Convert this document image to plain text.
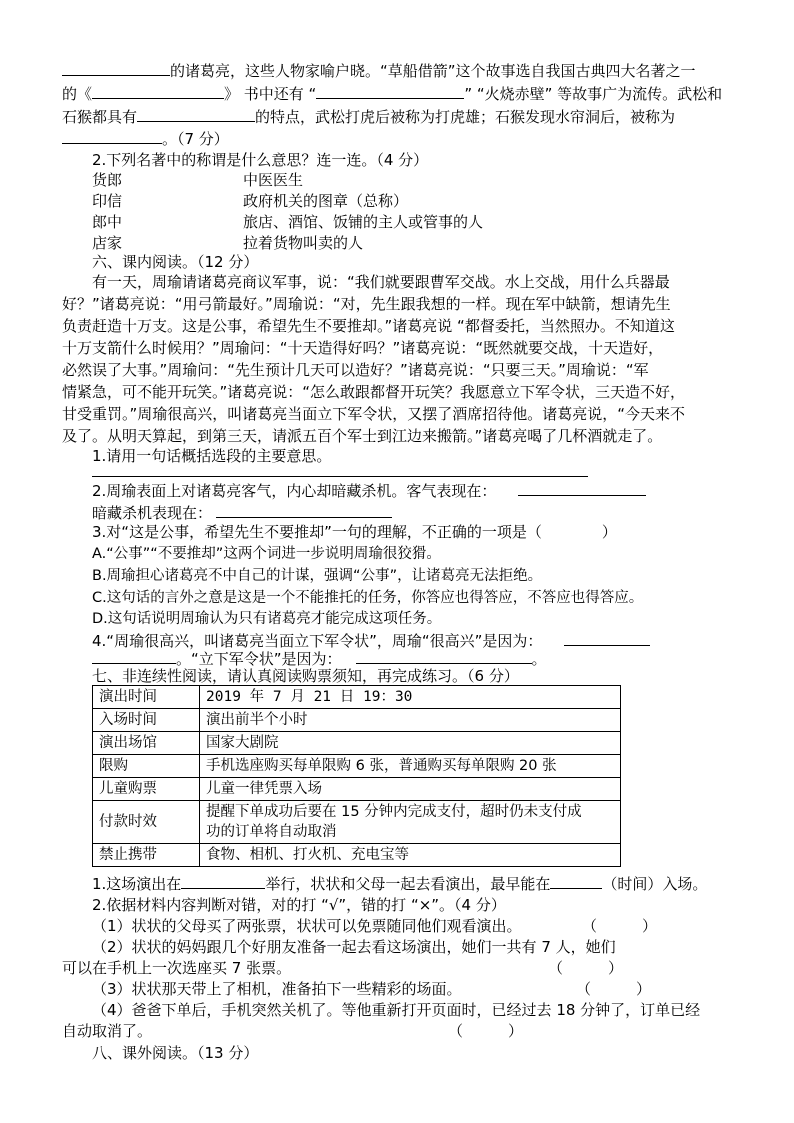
的诸葛亮，这些人物家喻户晓。“草船借箭”这个故事选自我国古典四大名著之一
的《	》 书中还有 “	” “火烧赤壁” 等故事广为流传。武松和
石猴都具有	的特点，武松打虎后被称为打虎雄；石猴发现水帘洞后，被称为
。（7 分）
2.下列名著中的称谓是什么意思？连一连。（4 分）
货郎	中医医生
印信	政府机关的图章（总称）
郎中	旅店、酒馆、饭铺的主人或管事的人
店家	拉着货物叫卖的人
六、课内阅读。（12 分）
有一天，周瑜请诸葛亮商议军事，说：“我们就要跟曹军交战。水上交战，用什么兵器最
好？”诸葛亮说：“用弓箭最好。”周瑜说：“对，先生跟我想的一样。现在军中缺箭，想请先生
负责赶造十万支。这是公事，希望先生不要推却。”诸葛亮说 “都督委托，当然照办。不知道这
十万支箭什么时候用？”周瑜问：“十天造得好吗？”诸葛亮说：“既然就要交战，十天造好，
必然误了大事。”周瑜问：“先生预计几天可以造好？”诸葛亮说：“只要三天。”周瑜说：“军
情紧急，可不能开玩笑。”诸葛亮说：“怎么敢跟都督开玩笑？我愿意立下军令状，三天造不好，
甘受重罚。”周瑜很高兴，叫诸葛亮当面立下军令状，又摆了酒席招待他。诸葛亮说，“今天来不
及了。从明天算起，到第三天，请派五百个军士到江边来搬箭。”诸葛亮喝了几杯酒就走了。
1.请用一句话概括选段的主要意思。
2.周瑜表面上对诸葛亮客气，内心却暗藏杀机。客气表现在：
暗藏杀机表现在：
3.对“这是公事，希望先生不要推却”一句的理解，不正确的一项是（　　　　）
A.“公事”“不要推却”这两个词进一步说明周瑜很狡猾。
B.周瑜担心诸葛亮不中自己的计谋，强调“公事”，让诸葛亮无法拒绝。
C.这句话的言外之意是这是一个不能推托的任务，你答应也得答应，不答应也得答应。
D.这句话说明周瑜认为只有诸葛亮才能完成这项任务。
4.“周瑜很高兴，叫诸葛亮当面立下军令状”，周瑜“很高兴”是因为：
。“立下军令状”是因为：	。
七、非连续性阅读，请认真阅读购票须知，再完成练习。（6 分）
演出时间	2019 年 7 月 21 日 19：30
入场时间	演出前半个小时
演出场馆	国家大剧院
限购	手机选座购买每单限购 6 张，普通购买每单限购 20 张
儿童购票	儿童一律凭票入场
付款时效	提醒下单成功后要在 15 分钟内完成支付，超时仍未支付成
功的订单将自动取消

禁止携带	食物、相机、打火机、充电宝等
1.这场演出在	举行，状状和父母一起去看演出，最早能在	（时间）入场。
2.依据材料内容判断对错，对的打 “√”，错的打 “×”。（4 分）
（1）状状的父母买了两张票，状状可以免票随同他们观看演出。	（　　　）
（2）状状的妈妈跟几个好朋友准备一起去看这场演出，她们一共有 7 人，她们
可以在手机上一次选座买 7 张票。	（　　　）
（3）状状那天带上了相机，准备拍下一些精彩的场面。	（　　　）
（4）爸爸下单后，手机突然关机了。等他重新打开页面时，已经过去 18 分钟了，订单已经
自动取消了。	（　　　）
八、课外阅读。（13 分）
